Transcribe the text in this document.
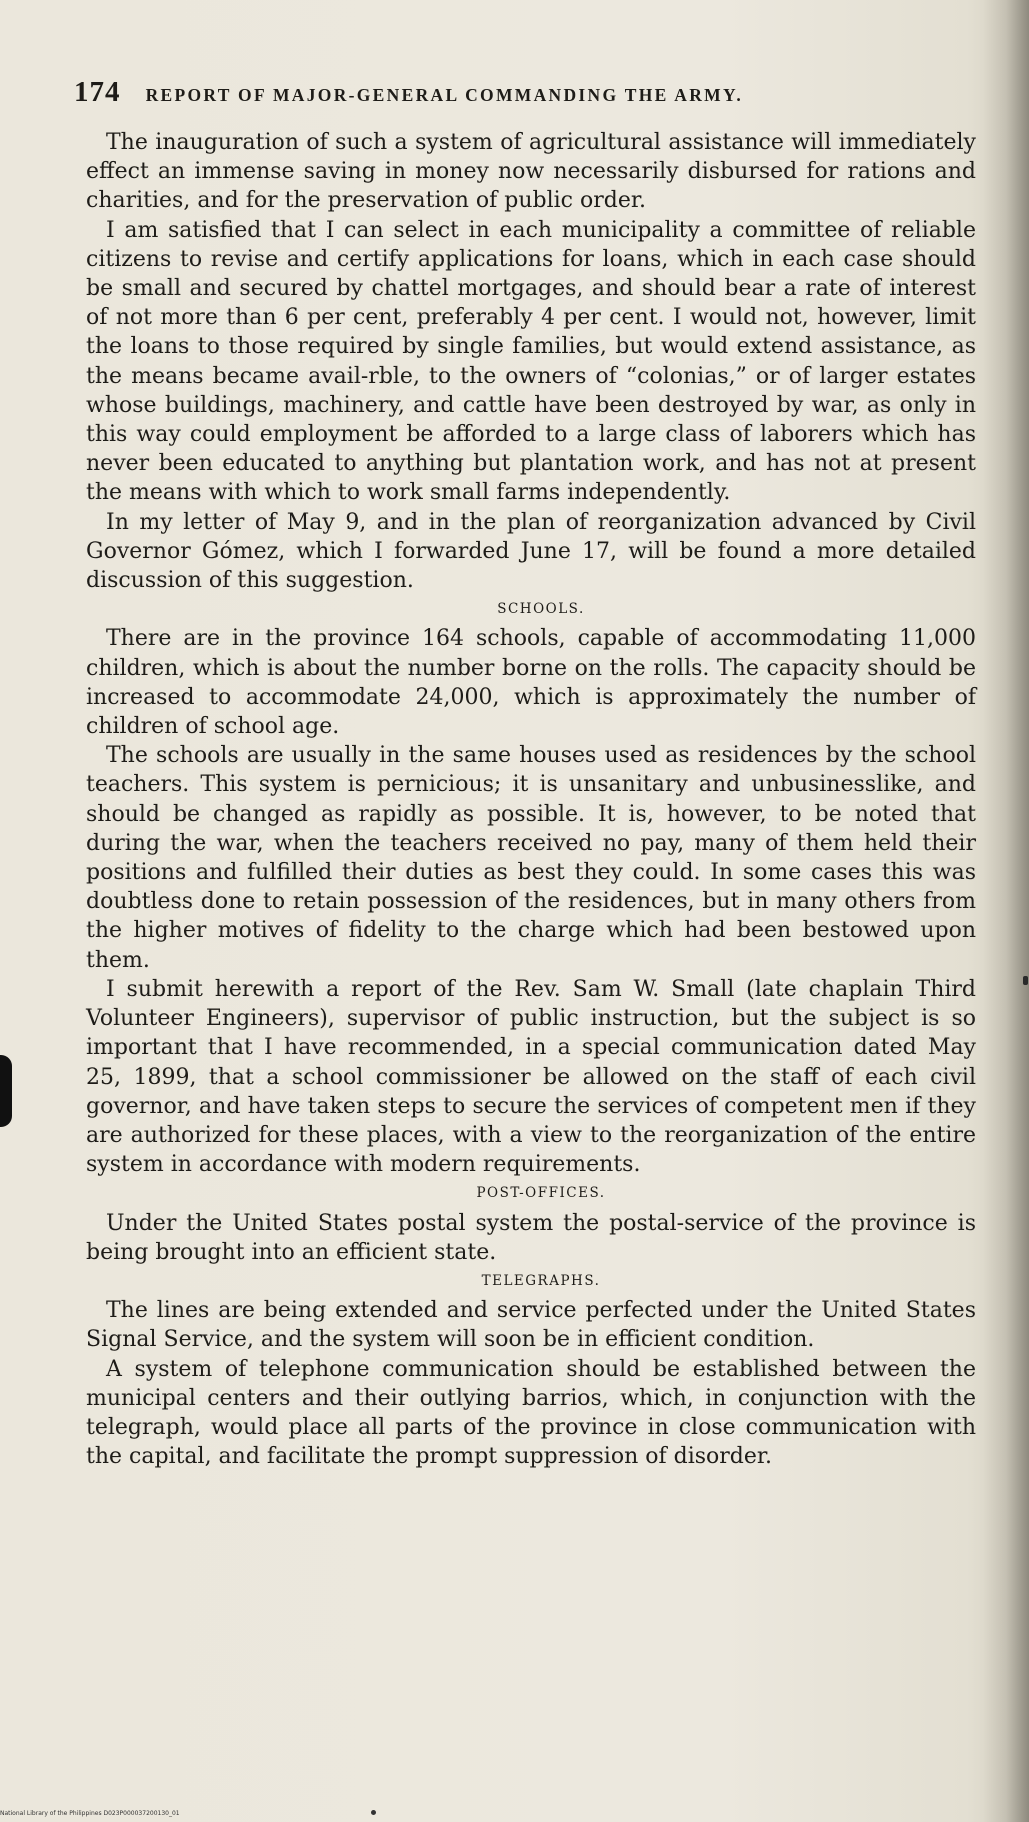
174 REPORT OF MAJOR-GENERAL COMMANDING THE ARMY.

The inauguration of such a system of agricultural assistance will immediately effect an immense saving in money now necessarily disbursed for rations and charities, and for the preservation of public order.

I am satisfied that I can select in each municipality a committee of reliable citizens to revise and certify applications for loans, which in each case should be small and secured by chattel mortgages, and should bear a rate of interest of not more than 6 per cent, preferably 4 per cent. I would not, however, limit the loans to those required by single families, but would extend assistance, as the means became avail-rble, to the owners of “colonias,” or of larger estates whose buildings, machinery, and cattle have been destroyed by war, as only in this way could employment be afforded to a large class of laborers which has never been educated to anything but plantation work, and has not at present the means with which to work small farms independently.

In my letter of May 9, and in the plan of reorganization advanced by Civil Governor Gómez, which I forwarded June 17, will be found a more detailed discussion of this suggestion.

SCHOOLS.

There are in the province 164 schools, capable of accommodating 11,000 children, which is about the number borne on the rolls. The capacity should be increased to accommodate 24,000, which is approximately the number of children of school age.

The schools are usually in the same houses used as residences by the school teachers. This system is pernicious; it is unsanitary and unbusinesslike, and should be changed as rapidly as possible. It is, however, to be noted that during the war, when the teachers received no pay, many of them held their positions and fulfilled their duties as best they could. In some cases this was doubtless done to retain possession of the residences, but in many others from the higher motives of fidelity to the charge which had been bestowed upon them.

I submit herewith a report of the Rev. Sam W. Small (late chaplain Third Volunteer Engineers), supervisor of public instruction, but the subject is so important that I have recommended, in a special communication dated May 25, 1899, that a school commissioner be allowed on the staff of each civil governor, and have taken steps to secure the services of competent men if they are authorized for these places, with a view to the reorganization of the entire system in accordance with modern requirements.

POST-OFFICES.

Under the United States postal system the postal-service of the province is being brought into an efficient state.

TELEGRAPHS.

The lines are being extended and service perfected under the United States Signal Service, and the system will soon be in efficient condition.

A system of telephone communication should be established between the municipal centers and their outlying barrios, which, in conjunction with the telegraph, would place all parts of the province in close communication with the capital, and facilitate the prompt suppression of disorder.

National Library of the Philippines D023P000037200130_01
